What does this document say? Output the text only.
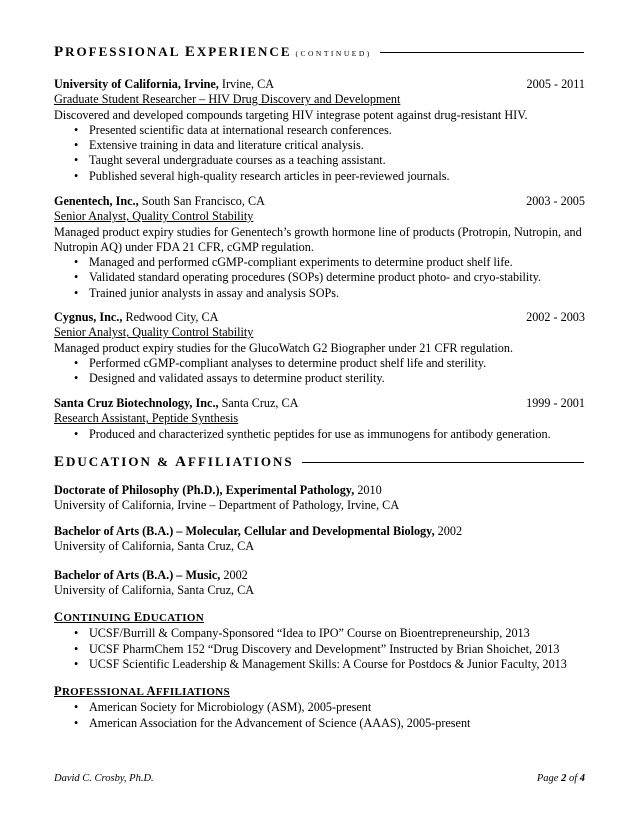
PROFESSIONAL EXPERIENCE (CONTINUED)
University of California, Irvine, Irvine, CA	2005 - 2011
Graduate Student Researcher – HIV Drug Discovery and Development
Discovered and developed compounds targeting HIV integrase potent against drug-resistant HIV.
• Presented scientific data at international research conferences.
• Extensive training in data and literature critical analysis.
• Taught several undergraduate courses as a teaching assistant.
• Published several high-quality research articles in peer-reviewed journals.
Genentech, Inc., South San Francisco, CA	2003 - 2005
Senior Analyst, Quality Control Stability
Managed product expiry studies for Genentech’s growth hormone line of products (Protropin, Nutropin, and Nutropin AQ) under FDA 21 CFR, cGMP regulation.
• Managed and performed cGMP-compliant experiments to determine product shelf life.
• Validated standard operating procedures (SOPs) determine product photo- and cryo-stability.
• Trained junior analysts in assay and analysis SOPs.
Cygnus, Inc., Redwood City, CA	2002 - 2003
Senior Analyst, Quality Control Stability
Managed product expiry studies for the GlucoWatch G2 Biographer under 21 CFR regulation.
• Performed cGMP-compliant analyses to determine product shelf life and sterility.
• Designed and validated assays to determine product sterility.
Santa Cruz Biotechnology, Inc., Santa Cruz, CA	1999 - 2001
Research Assistant, Peptide Synthesis
• Produced and characterized synthetic peptides for use as immunogens for antibody generation.
EDUCATION & AFFILIATIONS
Doctorate of Philosophy (Ph.D.), Experimental Pathology, 2010
University of California, Irvine – Department of Pathology, Irvine, CA
Bachelor of Arts (B.A.) – Molecular, Cellular and Developmental Biology, 2002
University of California, Santa Cruz, CA
Bachelor of Arts (B.A.) – Music, 2002
University of California, Santa Cruz, CA
CONTINUING EDUCATION
• UCSF/Burrill & Company-Sponsored “Idea to IPO” Course on Bioentrepreneurship, 2013
• UCSF PharmChem 152 “Drug Discovery and Development” Instructed by Brian Shoichet, 2013
• UCSF Scientific Leadership & Management Skills: A Course for Postdocs & Junior Faculty, 2013
PROFESSIONAL AFFILIATIONS
• American Society for Microbiology (ASM), 2005-present
• American Association for the Advancement of Science (AAAS), 2005-present
David C. Crosby, Ph.D.	Page 2 of 4
